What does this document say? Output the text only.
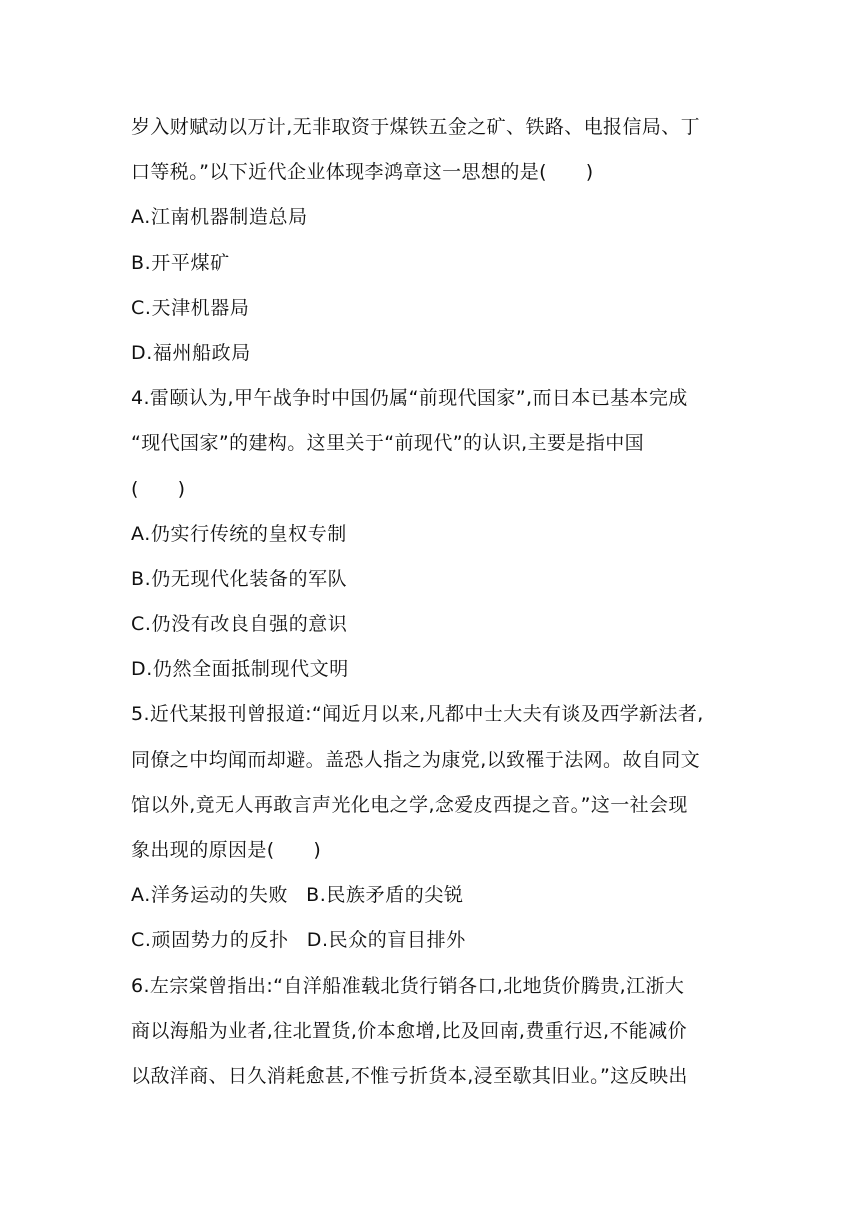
岁入财赋动以万计,无非取资于煤铁五金之矿、铁路、电报信局、丁
口等税。”以下近代企业体现李鸿章这一思想的是(　　)
A.江南机器制造总局
B.开平煤矿
C.天津机器局
D.福州船政局
4.雷颐认为,甲午战争时中国仍属“前现代国家”,而日本已基本完成
“现代国家”的建构。这里关于“前现代”的认识,主要是指中国
(　　)
A.仍实行传统的皇权专制
B.仍无现代化装备的军队
C.仍没有改良自强的意识
D.仍然全面抵制现代文明
5.近代某报刊曾报道:“闻近月以来,凡都中士大夫有谈及西学新法者,
同僚之中均闻而却避。盖恐人指之为康党,以致罹于法网。故自同文
馆以外,竟无人再敢言声光化电之学,念爱皮西提之音。”这一社会现
象出现的原因是(　　)
A.洋务运动的失败 B.民族矛盾的尖锐
C.顽固势力的反扑 D.民众的盲目排外
6.左宗棠曾指出:“自洋船准载北货行销各口,北地货价腾贵,江浙大
商以海船为业者,往北置货,价本愈增,比及回南,费重行迟,不能减价
以敌洋商、日久消耗愈甚,不惟亏折货本,浸至歇其旧业。”这反映出
